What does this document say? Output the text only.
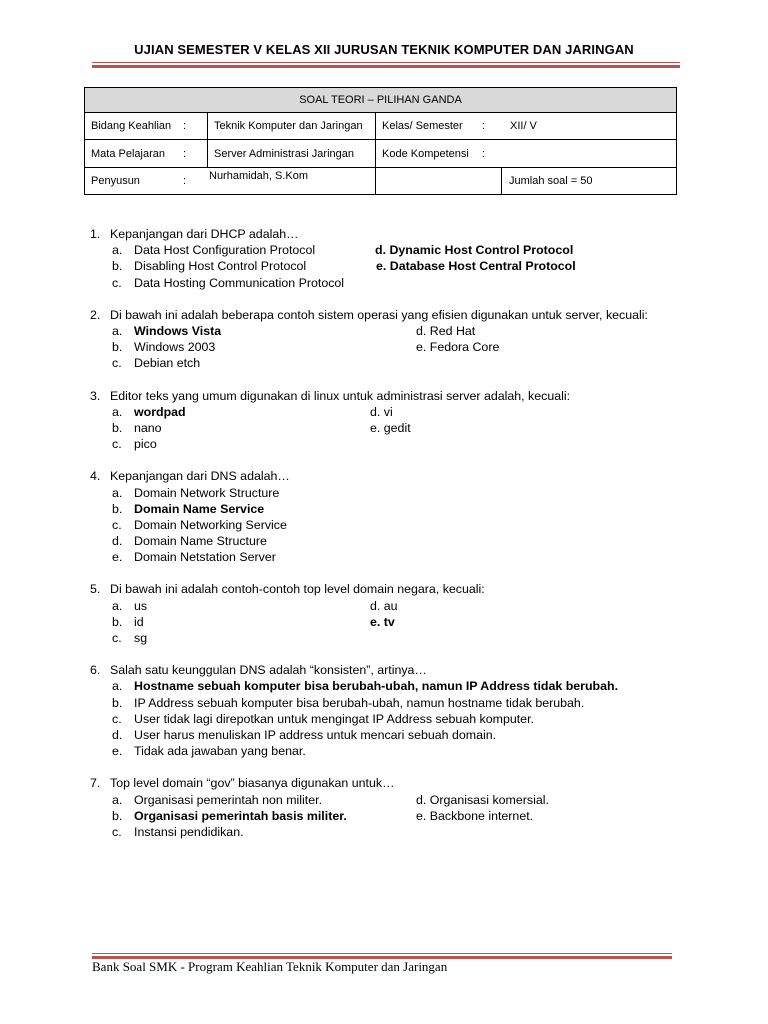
UJIAN SEMESTER V KELAS XII JURUSAN TEKNIK KOMPUTER DAN JARINGAN
SOAL TEORI – PILIHAN GANDA		
Bidang Keahlian :	Teknik Komputer dan Jaringan	Kelas/ Semester : XII/ V
Mata Pelajaran :	Server Administrasi Jaringan	Kode Kompetensi :

Penyusun : Nurhamidah, S.Kom		Jumlah soal = 50
1. Kepanjangan dari DHCP adalah…
a. Data Host Configuration Protocol	d. Dynamic Host Control Protocol
b. Disabling Host Control Protocol	e. Database Host Central Protocol
c. Data Hosting Communication Protocol
2. Di bawah ini adalah beberapa contoh sistem operasi yang efisien digunakan untuk server, kecuali:
a. Windows Vista	d. Red Hat
b. Windows 2003	e. Fedora Core
c. Debian etch
3. Editor teks yang umum digunakan di linux untuk administrasi server adalah, kecuali:
a. wordpad	d. vi
b. nano	e. gedit
c. pico
4. Kepanjangan dari DNS adalah…
a. Domain Network Structure
b. Domain Name Service
c. Domain Networking Service
d. Domain Name Structure
e. Domain Netstation Server
5. Di bawah ini adalah contoh-contoh top level domain negara, kecuali:
a. us	d. au
b. id	e. tv
c. sg
6. Salah satu keunggulan DNS adalah “konsisten”, artinya…
a. Hostname sebuah komputer bisa berubah-ubah, namun IP Address tidak berubah.
b. IP Address sebuah komputer bisa berubah-ubah, namun hostname tidak berubah.
c. User tidak lagi direpotkan untuk mengingat IP Address sebuah komputer.
d. User harus menuliskan IP address untuk mencari sebuah domain.
e. Tidak ada jawaban yang benar.
7. Top level domain “gov” biasanya digunakan untuk…
a. Organisasi pemerintah non militer.	d. Organisasi komersial.
b. Organisasi pemerintah basis militer.	e. Backbone internet.
c. Instansi pendidikan.
Bank Soal SMK - Program Keahlian Teknik Komputer dan Jaringan
